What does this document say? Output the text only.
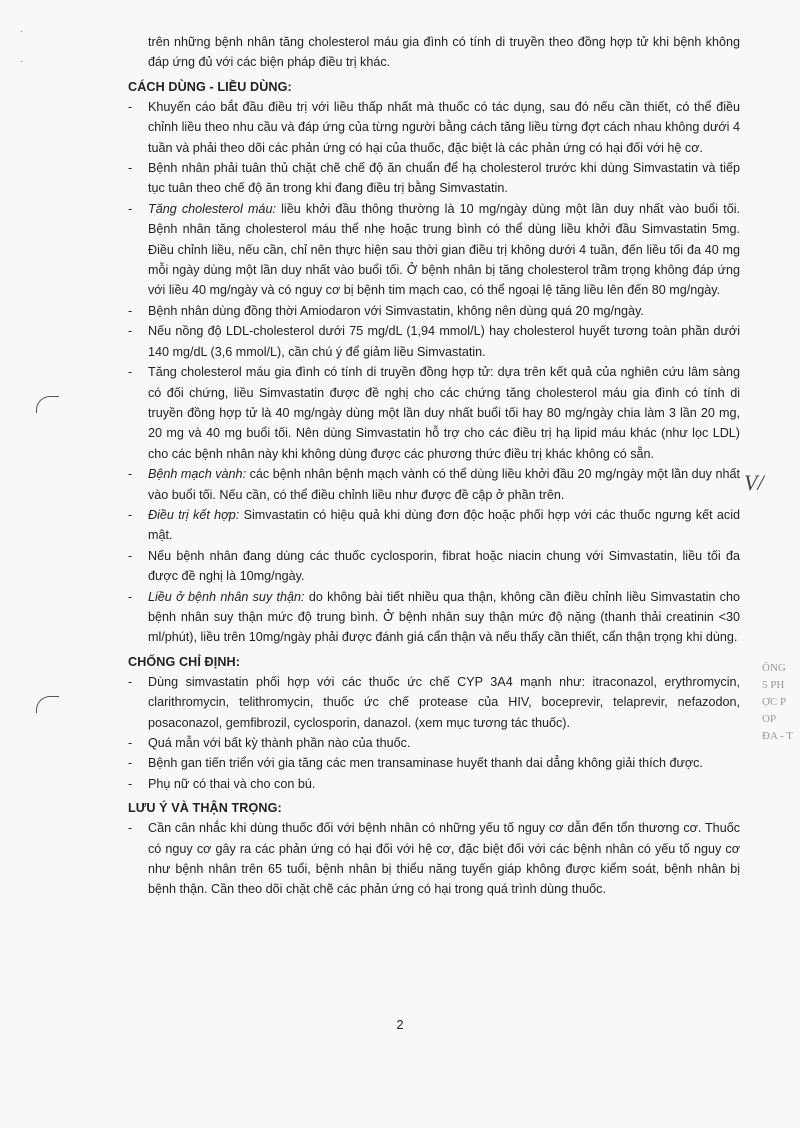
·
·
ÔNG
5 PH
ỢC P
OP
ĐA - T
V/

trên những bệnh nhân tăng cholesterol máu gia đình có tính di truyền theo đồng hợp tử khi bệnh không đáp ứng đủ với các biện pháp điều trị khác.

CÁCH DÙNG - LIỀU DÙNG:
- Khuyến cáo bắt đầu điều trị với liều thấp nhất mà thuốc có tác dụng, sau đó nếu cần thiết, có thể điều chỉnh liều theo nhu cầu và đáp ứng của từng người bằng cách tăng liều từng đợt cách nhau không dưới 4 tuần và phải theo dõi các phản ứng có hại của thuốc, đặc biệt là các phản ứng có hại đối với hệ cơ.
- Bệnh nhân phải tuân thủ chặt chẽ chế độ ăn chuẩn để hạ cholesterol trước khi dùng Simvastatin và tiếp tục tuân theo chế độ ăn trong khi đang điều trị bằng Simvastatin.
- Tăng cholesterol máu: liều khởi đầu thông thường là 10 mg/ngày dùng một lần duy nhất vào buổi tối. Bệnh nhân tăng cholesterol máu thể nhẹ hoặc trung bình có thể dùng liều khởi đầu Simvastatin 5mg. Điều chỉnh liều, nếu cần, chỉ nên thực hiện sau thời gian điều trị không dưới 4 tuần, đến liều tối đa 40 mg mỗi ngày dùng một lần duy nhất vào buổi tối. Ở bệnh nhân bị tăng cholesterol trầm trọng không đáp ứng với liều 40 mg/ngày và có nguy cơ bị bệnh tim mạch cao, có thể ngoại lệ tăng liều lên đến 80 mg/ngày.
- Bệnh nhân dùng đồng thời Amiodaron với Simvastatin, không nên dùng quá 20 mg/ngày.
- Nếu nồng độ LDL-cholesterol dưới 75 mg/dL (1,94 mmol/L) hay cholesterol huyết tương toàn phần dưới 140 mg/dL (3,6 mmol/L), cần chú ý để giảm liều Simvastatin.
- Tăng cholesterol máu gia đình có tính di truyền đồng hợp tử: dựa trên kết quả của nghiên cứu lâm sàng có đối chứng, liều Simvastatin được đề nghị cho các chứng tăng cholesterol máu gia đình có tính di truyền đồng hợp tử là 40 mg/ngày dùng một lần duy nhất buổi tối hay 80 mg/ngày chia làm 3 lần 20 mg, 20 mg và 40 mg buổi tối. Nên dùng Simvastatin hỗ trợ cho các điều trị hạ lipid máu khác (như lọc LDL) cho các bệnh nhân này khi không dùng được các phương thức điều trị khác không có sẵn.
- Bệnh mạch vành: các bệnh nhân bệnh mạch vành có thể dùng liều khởi đầu 20 mg/ngày một lần duy nhất vào buổi tối. Nếu cần, có thể điều chỉnh liều như được đề cập ở phần trên.
- Điều trị kết hợp: Simvastatin có hiệu quả khi dùng đơn độc hoặc phối hợp với các thuốc ngưng kết acid mật.
- Nếu bệnh nhân đang dùng các thuốc cyclosporin, fibrat hoặc niacin chung với Simvastatin, liều tối đa được đề nghị là 10mg/ngày.
- Liều ở bệnh nhân suy thận: do không bài tiết nhiều qua thận, không cần điều chỉnh liều Simvastatin cho bệnh nhân suy thận mức độ trung bình. Ở bệnh nhân suy thận mức độ nặng (thanh thải creatinin <30 ml/phút), liều trên 10mg/ngày phải được đánh giá cẩn thận và nếu thấy cần thiết, cẩn thận trọng khi dùng.
CHỐNG CHỈ ĐỊNH:
- Dùng simvastatin phối hợp với các thuốc ức chế CYP 3A4 mạnh như: itraconazol, erythromycin, clarithromycin, telithromycin, thuốc ức chế protease của HIV, boceprevir, telaprevir, nefazodon, posaconazol, gemfibrozil, cyclosporin, danazol. (xem mục tương tác thuốc).
- Quá mẫn với bất kỳ thành phần nào của thuốc.
- Bệnh gan tiến triển với gia tăng các men transaminase huyết thanh dai dẳng không giải thích được.
- Phụ nữ có thai và cho con bú.
LƯU Ý VÀ THẬN TRỌNG:
- Cần cân nhắc khi dùng thuốc đối với bệnh nhân có những yếu tố nguy cơ dẫn đến tổn thương cơ. Thuốc có nguy cơ gây ra các phản ứng có hại đối với hệ cơ, đặc biệt đối với các bệnh nhân có yếu tố nguy cơ như bệnh nhân trên 65 tuổi, bệnh nhân bị thiểu năng tuyến giáp không được kiểm soát, bệnh nhân bị bệnh thận. Cần theo dõi chặt chẽ các phản ứng có hại trong quá trình dùng thuốc.
2
